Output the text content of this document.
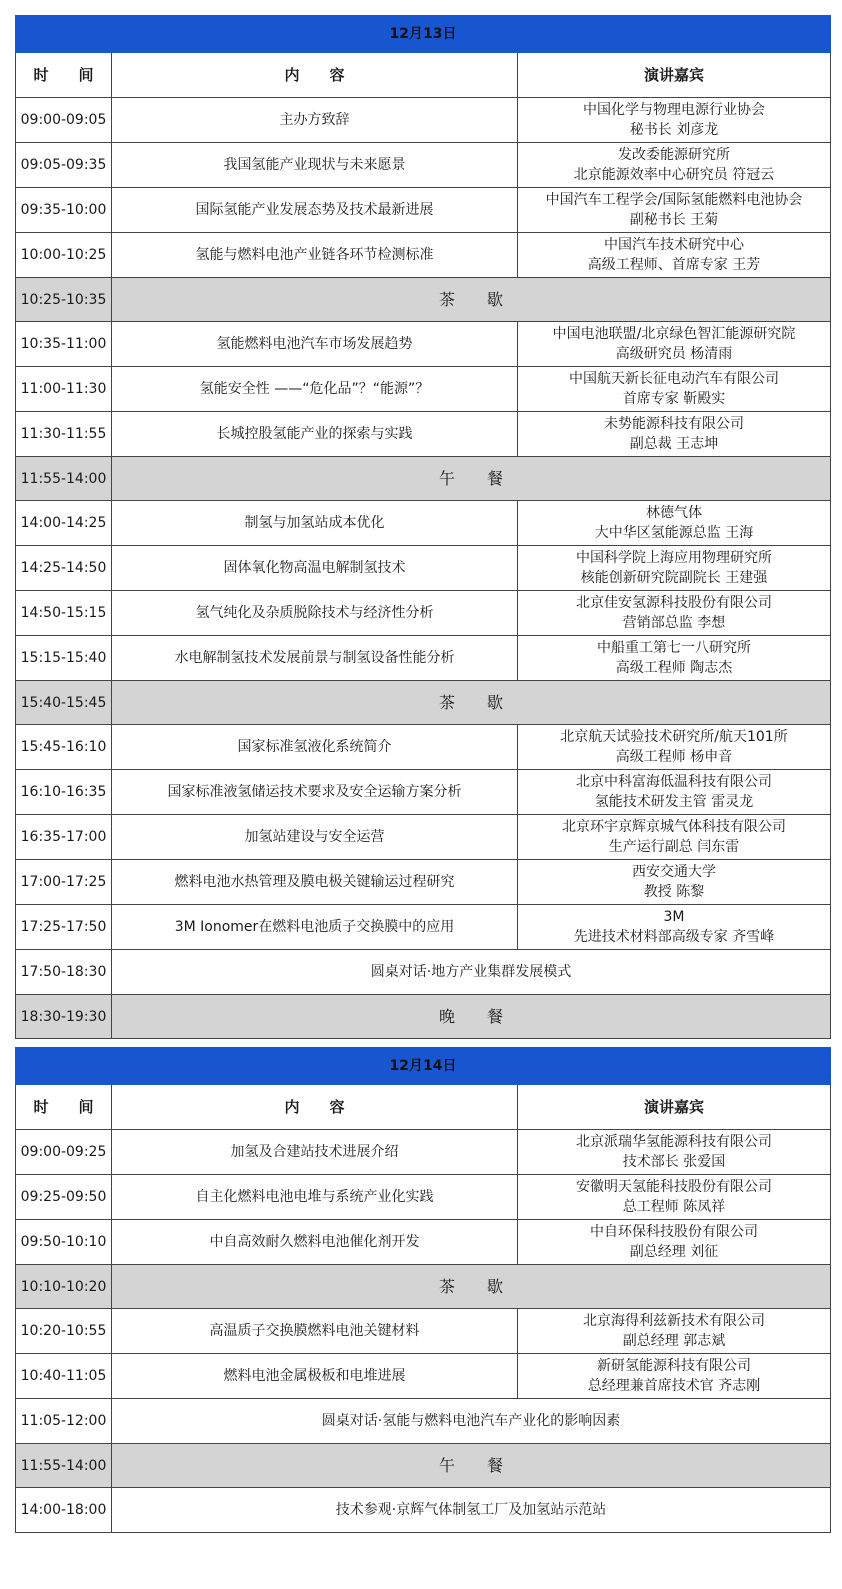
12月13日		
时　　间	内　　容	演讲嘉宾
09:00-09:05	主办方致辞	中国化学与物理电源行业协会
秘书长 刘彦龙

09:05-09:35	我国氢能产业现状与未来愿景	发改委能源研究所
北京能源效率中心研究员 符冠云

09:35-10:00	国际氢能产业发展态势及技术最新进展	中国汽车工程学会/国际氢能燃料电池协会
副秘书长 王菊

10:00-10:25	氢能与燃料电池产业链各环节检测标准	中国汽车技术研究中心
高级工程师、首席专家 王芳

10:25-10:35	茶　　歇	
10:35-11:00	氢能燃料电池汽车市场发展趋势	中国电池联盟/北京绿色智汇能源研究院
高级研究员 杨清雨

11:00-11:30	氢能安全性 ——“危化品”？“能源”？	中国航天新长征电动汽车有限公司
首席专家 靳殿实

11:30-11:55	长城控股氢能产业的探索与实践	未势能源科技有限公司
副总裁 王志坤

11:55-14:00	午　　餐	
14:00-14:25	制氢与加氢站成本优化	林德气体
大中华区氢能源总监 王海

14:25-14:50	固体氧化物高温电解制氢技术	中国科学院上海应用物理研究所
核能创新研究院副院长 王建强

14:50-15:15	氢气纯化及杂质脱除技术与经济性分析	北京佳安氢源科技股份有限公司
营销部总监 李想

15:15-15:40	水电解制氢技术发展前景与制氢设备性能分析	中船重工第七一八研究所
高级工程师 陶志杰

15:40-15:45	茶　　歇	
15:45-16:10	国家标准氢液化系统简介	北京航天试验技术研究所/航天101所
高级工程师 杨申音

16:10-16:35	国家标准液氢储运技术要求及安全运输方案分析	北京中科富海低温科技有限公司
氢能技术研发主管 雷灵龙

16:35-17:00	加氢站建设与安全运营	北京环宇京辉京城气体科技有限公司
生产运行副总 闫东雷

17:00-17:25	燃料电池水热管理及膜电极关键输运过程研究	西安交通大学
教授 陈黎

17:25-17:50	3M Ionomer在燃料电池质子交换膜中的应用	3M
先进技术材料部高级专家 齐雪峰

17:50-18:30	圆桌对话·地方产业集群发展模式	
18:30-19:30	晚　　餐	

12月14日		
时　　间	内　　容	演讲嘉宾
09:00-09:25	加氢及合建站技术进展介绍	北京派瑞华氢能源科技有限公司
技术部长 张爱国

09:25-09:50	自主化燃料电池电堆与系统产业化实践	安徽明天氢能科技股份有限公司
总工程师 陈凤祥

09:50-10:10	中自高效耐久燃料电池催化剂开发	中自环保科技股份有限公司
副总经理 刘征

10:10-10:20	茶　　歇	
10:20-10:55	高温质子交换膜燃料电池关键材料	北京海得利兹新技术有限公司
副总经理 郭志斌

10:40-11:05	燃料电池金属极板和电堆进展	新研氢能源科技有限公司
总经理兼首席技术官 齐志刚

11:05-12:00	圆桌对话·氢能与燃料电池汽车产业化的影响因素	
11:55-14:00	午　　餐	
14:00-18:00	技术参观·京辉气体制氢工厂及加氢站示范站	
